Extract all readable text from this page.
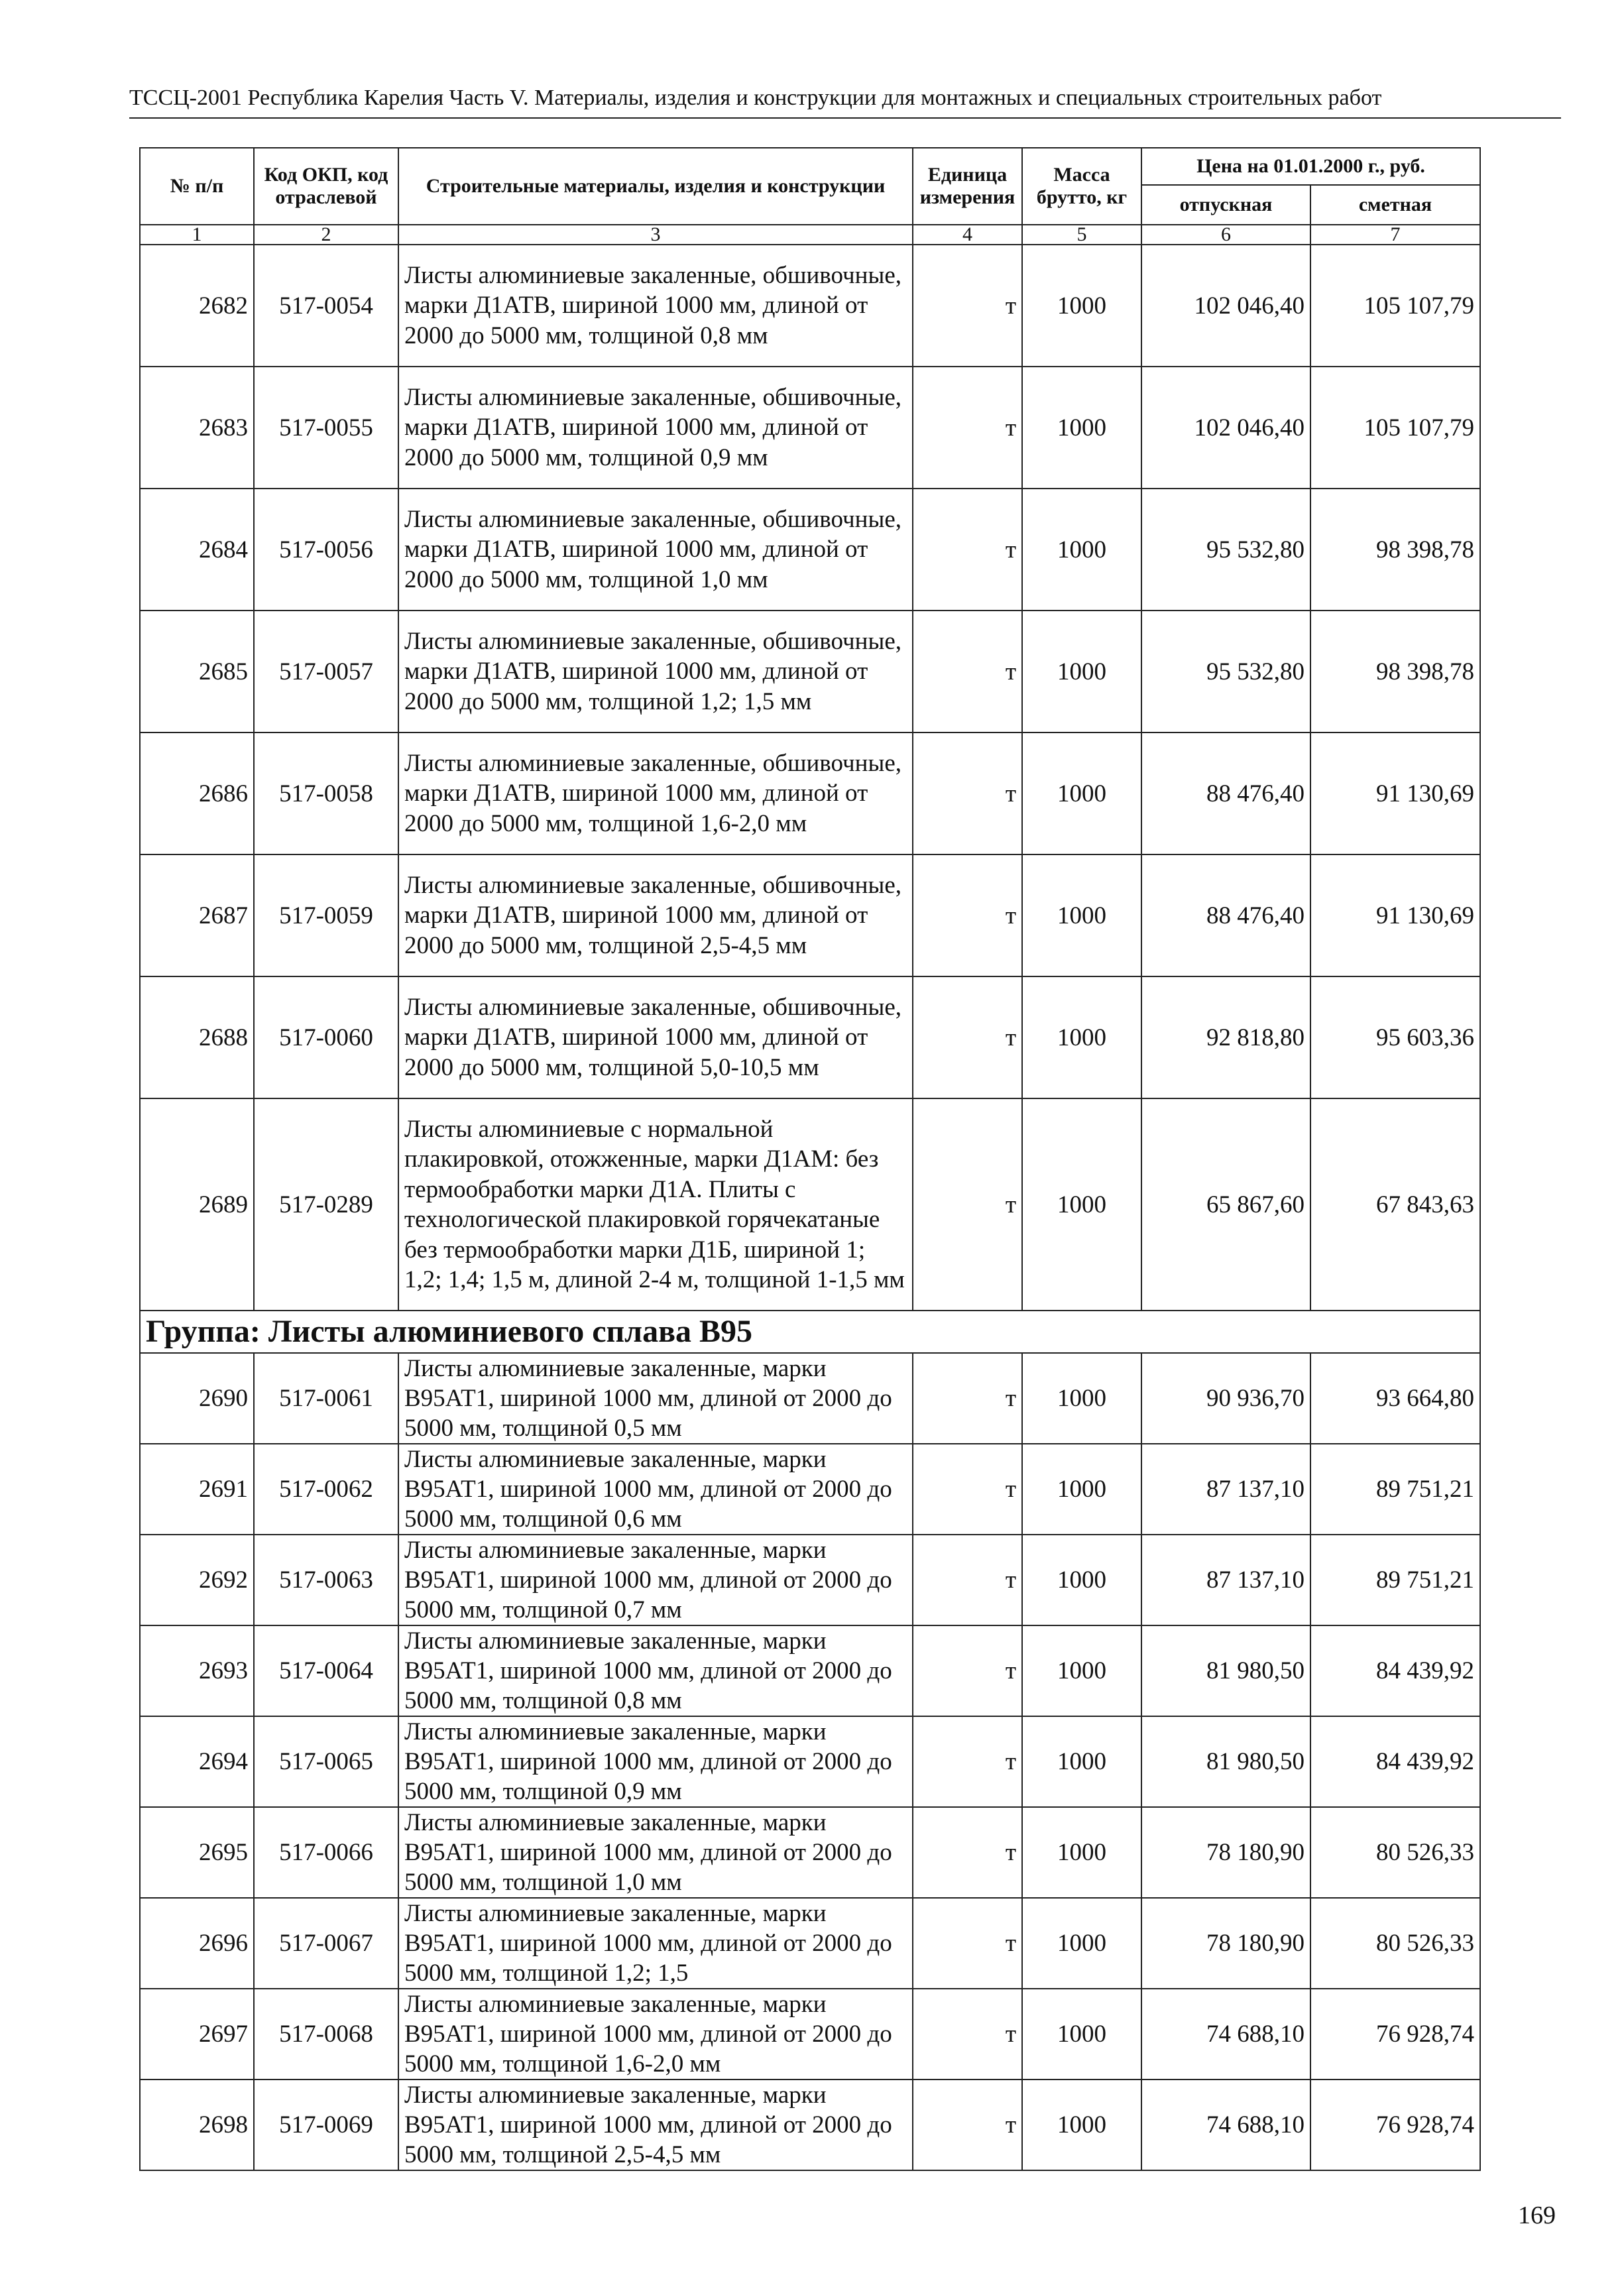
ТССЦ-2001 Республика Карелия Часть V. Материалы, изделия и конструкции для монтажных и специальных строительных работ
№ п/п	Код ОКП, код отраслевой	Строительные материалы, изделия и конструкции	Единица измерения	Масса брутто, кг	Цена на 01.01.2000 г., руб.	
					отпускная	сметная
1	2	3	4	5	6	7
2682	517-0054	Листы алюминиевые закаленные, обшивочные, марки Д1АТВ, шириной 1000 мм, длиной от 2000 до 5000 мм, толщиной 0,8 мм	т	1000	102 046,40	105 107,79
2683	517-0055	Листы алюминиевые закаленные, обшивочные, марки Д1АТВ, шириной 1000 мм, длиной от 2000 до 5000 мм, толщиной 0,9 мм	т	1000	102 046,40	105 107,79
2684	517-0056	Листы алюминиевые закаленные, обшивочные, марки Д1АТВ, шириной 1000 мм, длиной от 2000 до 5000 мм, толщиной 1,0 мм	т	1000	95 532,80	98 398,78
2685	517-0057	Листы алюминиевые закаленные, обшивочные, марки Д1АТВ, шириной 1000 мм, длиной от 2000 до 5000 мм, толщиной 1,2; 1,5 мм	т	1000	95 532,80	98 398,78
2686	517-0058	Листы алюминиевые закаленные, обшивочные, марки Д1АТВ, шириной 1000 мм, длиной от 2000 до 5000 мм, толщиной 1,6-2,0 мм	т	1000	88 476,40	91 130,69
2687	517-0059	Листы алюминиевые закаленные, обшивочные, марки Д1АТВ, шириной 1000 мм, длиной от 2000 до 5000 мм, толщиной 2,5-4,5 мм	т	1000	88 476,40	91 130,69
2688	517-0060	Листы алюминиевые закаленные, обшивочные, марки Д1АТВ, шириной 1000 мм, длиной от 2000 до 5000 мм, толщиной 5,0-10,5 мм	т	1000	92 818,80	95 603,36
2689	517-0289	Листы алюминиевые с нормальной плакировкой, отожженные, марки Д1АМ: без термообработки марки Д1А. Плиты с технологической плакировкой горячекатаные без термообработки марки Д1Б, шириной 1; 1,2; 1,4; 1,5 м, длиной 2-4 м, толщиной 1-1,5 мм	т	1000	65 867,60	67 843,63
Группа: Листы алюминиевого сплава В95						
2690	517-0061	Листы алюминиевые закаленные, марки В95АТ1, шириной 1000 мм, длиной от 2000 до 5000 мм, толщиной 0,5 мм	т	1000	90 936,70	93 664,80
2691	517-0062	Листы алюминиевые закаленные, марки В95АТ1, шириной 1000 мм, длиной от 2000 до 5000 мм, толщиной 0,6 мм	т	1000	87 137,10	89 751,21
2692	517-0063	Листы алюминиевые закаленные, марки В95АТ1, шириной 1000 мм, длиной от 2000 до 5000 мм, толщиной 0,7 мм	т	1000	87 137,10	89 751,21
2693	517-0064	Листы алюминиевые закаленные, марки В95АТ1, шириной 1000 мм, длиной от 2000 до 5000 мм, толщиной 0,8 мм	т	1000	81 980,50	84 439,92
2694	517-0065	Листы алюминиевые закаленные, марки В95АТ1, шириной 1000 мм, длиной от 2000 до 5000 мм, толщиной 0,9 мм	т	1000	81 980,50	84 439,92
2695	517-0066	Листы алюминиевые закаленные, марки В95АТ1, шириной 1000 мм, длиной от 2000 до 5000 мм, толщиной 1,0 мм	т	1000	78 180,90	80 526,33
2696	517-0067	Листы алюминиевые закаленные, марки В95АТ1, шириной 1000 мм, длиной от 2000 до 5000 мм, толщиной 1,2; 1,5	т	1000	78 180,90	80 526,33
2697	517-0068	Листы алюминиевые закаленные, марки В95АТ1, шириной 1000 мм, длиной от 2000 до 5000 мм, толщиной 1,6-2,0 мм	т	1000	74 688,10	76 928,74
2698	517-0069	Листы алюминиевые закаленные, марки В95АТ1, шириной 1000 мм, длиной от 2000 до 5000 мм, толщиной 2,5-4,5 мм	т	1000	74 688,10	76 928,74
169
